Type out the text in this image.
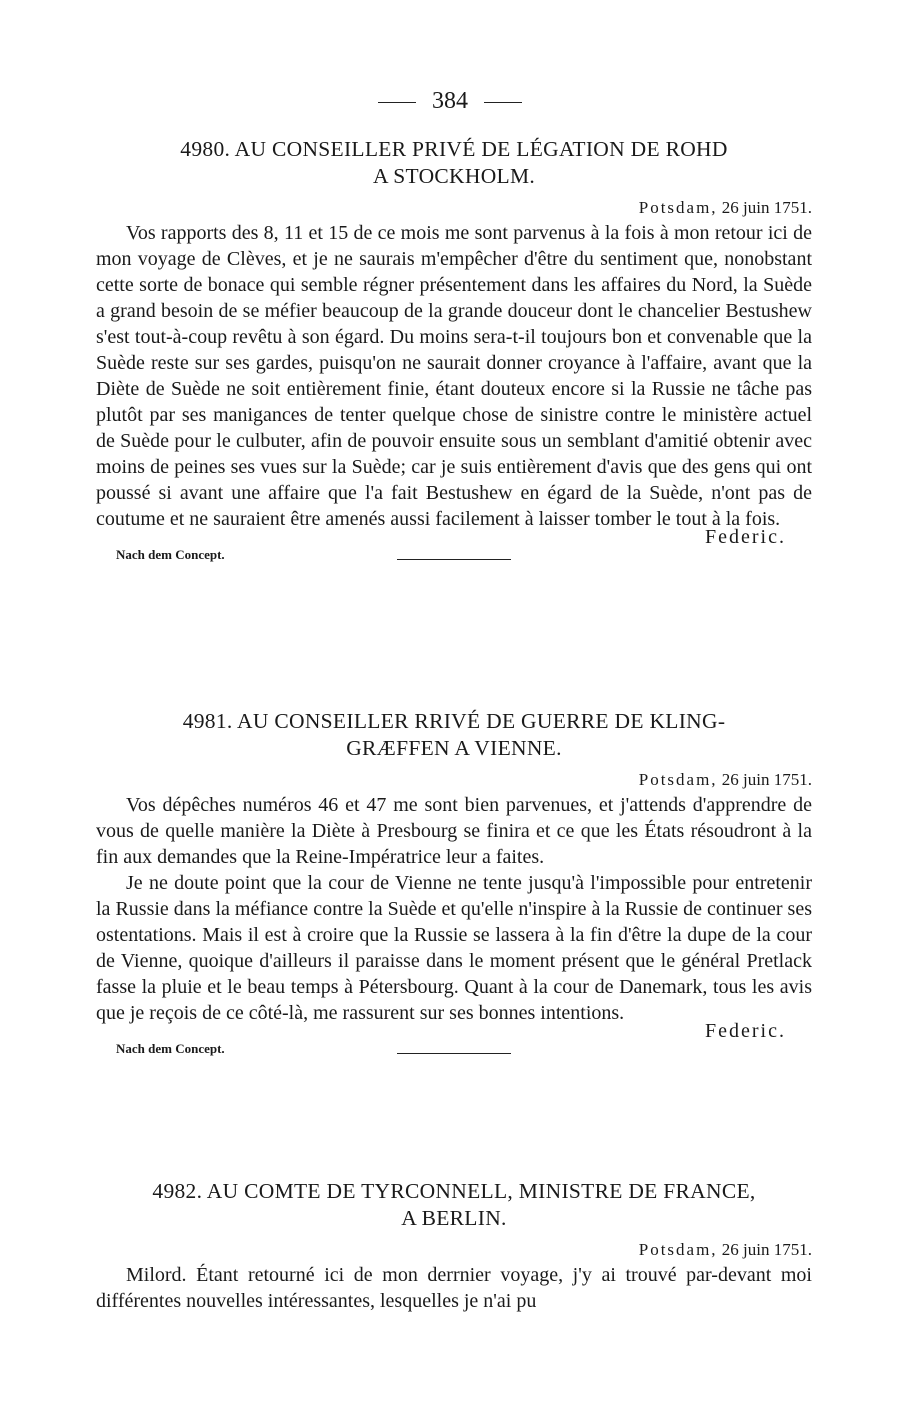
384
4980. AU CONSEILLER PRIVÉ DE LÉGATION DE ROHD
A STOCKHOLM.
Potsdam, 26 juin 1751.

Vos rapports des 8, 11 et 15 de ce mois me sont parvenus à la fois à mon retour ici de mon voyage de Clèves, et je ne saurais m'empêcher d'être du sentiment que, nonobstant cette sorte de bonace qui semble régner présentement dans les affaires du Nord, la Suède a grand besoin de se méfier beaucoup de la grande douceur dont le chancelier Bestushew s'est tout-à-coup revêtu à son égard. Du moins sera-t-il toujours bon et convenable que la Suède reste sur ses gardes, puisqu'on ne saurait donner croyance à l'affaire, avant que la Diète de Suède ne soit entièrement finie, étant douteux encore si la Russie ne tâche pas plutôt par ses manigances de tenter quelque chose de sinistre contre le ministère actuel de Suède pour le culbuter, afin de pouvoir ensuite sous un semblant d'amitié obtenir avec moins de peines ses vues sur la Suède; car je suis entièrement d'avis que des gens qui ont poussé si avant une affaire que l'a fait Bestushew en égard de la Suède, n'ont pas de coutume et ne sauraient être amenés aussi facilement à laisser tomber le tout à la fois.

Federic.
Nach dem Concept.
4981. AU CONSEILLER RRIVÉ DE GUERRE DE KLING-
GRÆFFEN A VIENNE.
Potsdam, 26 juin 1751.

Vos dépêches numéros 46 et 47 me sont bien parvenues, et j'attends d'apprendre de vous de quelle manière la Diète à Presbourg se finira et ce que les États résoudront à la fin aux demandes que la Reine-Impératrice leur a faites.

Je ne doute point que la cour de Vienne ne tente jusqu'à l'impossible pour entretenir la Russie dans la méfiance contre la Suède et qu'elle n'inspire à la Russie de continuer ses ostentations. Mais il est à croire que la Russie se lassera à la fin d'être la dupe de la cour de Vienne, quoique d'ailleurs il paraisse dans le moment présent que le général Pretlack fasse la pluie et le beau temps à Pétersbourg. Quant à la cour de Danemark, tous les avis que je reçois de ce côté-là, me rassurent sur ses bonnes intentions.

Federic.
Nach dem Concept.
4982. AU COMTE DE TYRCONNELL, MINISTRE DE FRANCE,
A BERLIN.
Potsdam, 26 juin 1751.

Milord. Étant retourné ici de mon derrnier voyage, j'y ai trouvé par-devant moi différentes nouvelles intéressantes, lesquelles je n'ai pu
